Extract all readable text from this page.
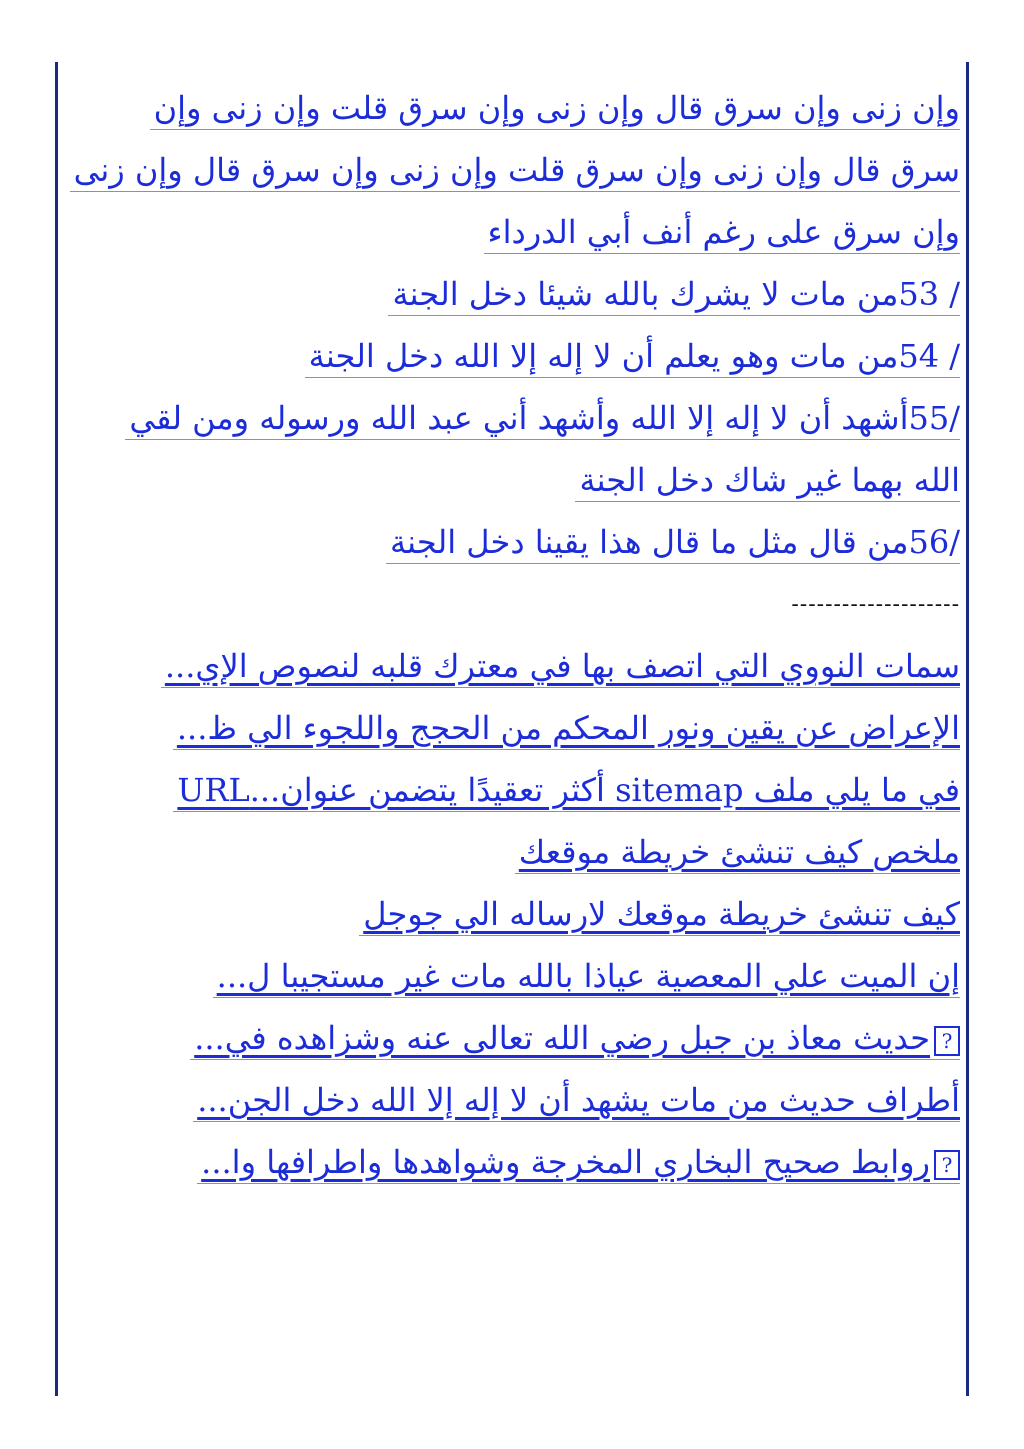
وإن زنى وإن سرق قال وإن زنى وإن سرق قلت وإن زنى وإن
سرق قال وإن زنى وإن سرق قلت وإن زنى وإن سرق قال وإن زنى
وإن سرق على رغم أنف أبي الدرداء
/ 53من مات لا يشرك بالله شيئا دخل الجنة
/ 54من مات وهو يعلم أن لا إله إلا الله دخل الجنة
/55أشهد أن لا إله إلا الله وأشهد أني عبد الله ورسوله ومن لقي
الله بهما غير شاك دخل الجنة
/56من قال مثل ما قال هذا يقينا دخل الجنة
--------------------
سمات النووي التي اتصف بها في معترك قلبه لنصوص الإي...
الإعراض عن يقين ونور المحكم من الحجج واللجوء الي ظ...
في ما يلي ملف sitemap أكثر تعقيدًا يتضمن عنوان...URL
ملخص كيف تنشئ خريطة موقعك
كيف تنشئ خريطة موقعك لارساله الي جوجل
إن الميت علي المعصية عياذا بالله مات غير مستجيبا ل...
?حديث معاذ بن جبل رضي الله تعالى عنه وشزاهده في...
أطراف حديث من مات يشهد أن لا إله إلا الله دخل الجن...
?روابط صحيح البخاري المخرجة وشواهدها واطرافها وا...
